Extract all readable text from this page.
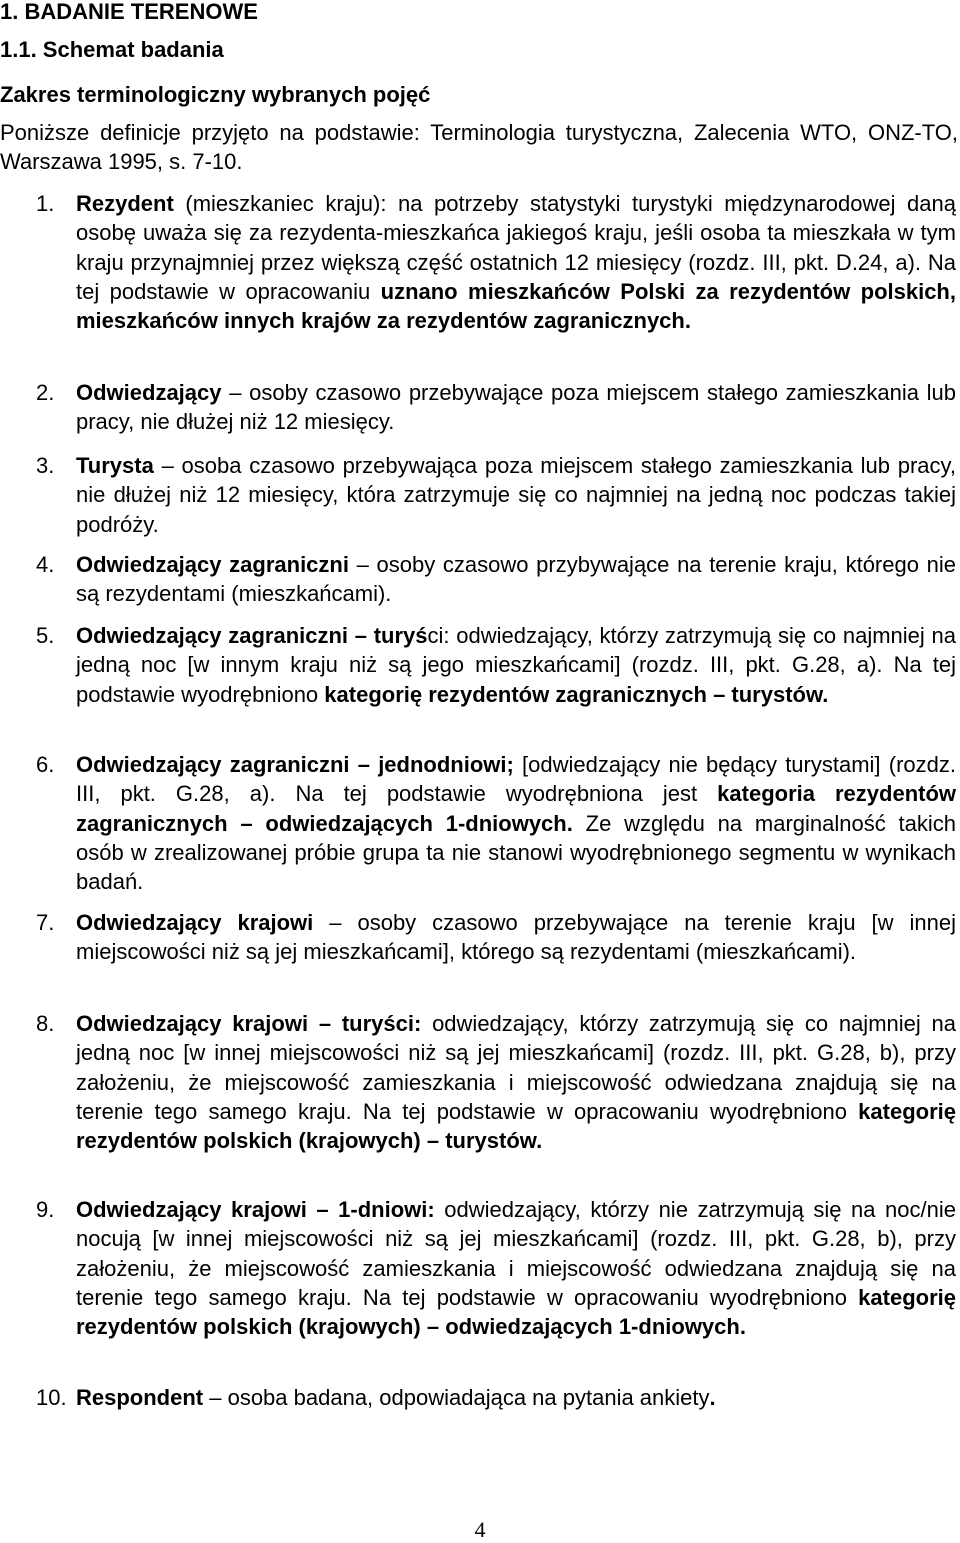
1. BADANIE TERENOWE

1.1. Schemat badania

Zakres terminologiczny wybranych pojęć

Poniższe definicje przyjęto na podstawie: Terminologia turystyczna, Zalecenia WTO, ONZ-TO, Warszawa 1995, s. 7-10.

1. Rezydent (mieszkaniec kraju): na potrzeby statystyki turystyki międzynarodowej daną osobę uważa się za rezydenta-mieszkańca jakiegoś kraju, jeśli osoba ta mieszkała w tym kraju przynajmniej przez większą część ostatnich 12 miesięcy (rozdz. III, pkt. D.24, a). Na tej podstawie w opracowaniu uznano mieszkańców Polski za rezydentów polskich, mieszkańców innych krajów za rezydentów zagranicznych.

2. Odwiedzający – osoby czasowo przebywające poza miejscem stałego zamieszkania lub pracy, nie dłużej niż 12 miesięcy.

3. Turysta – osoba czasowo przebywająca poza miejscem stałego zamieszkania lub pracy, nie dłużej niż 12 miesięcy, która zatrzymuje się co najmniej na jedną noc podczas takiej podróży.

4. Odwiedzający zagraniczni – osoby czasowo przybywające na terenie kraju, którego nie są rezydentami (mieszkańcami).

5. Odwiedzający zagraniczni – turyści: odwiedzający, którzy zatrzymują się co najmniej na jedną noc [w innym kraju niż są jego mieszkańcami] (rozdz. III, pkt. G.28, a). Na tej podstawie wyodrębniono kategorię rezydentów zagranicznych – turystów.

6. Odwiedzający zagraniczni – jednodniowi; [odwiedzający nie będący turystami] (rozdz. III, pkt. G.28, a). Na tej podstawie wyodrębniona jest kategoria rezydentów zagranicznych – odwiedzających 1-dniowych. Ze względu na marginalność takich osób w zrealizowanej próbie grupa ta nie stanowi wyodrębnionego segmentu w wynikach badań.

7. Odwiedzający krajowi – osoby czasowo przebywające na terenie kraju [w innej miejscowości niż są jej mieszkańcami], którego są rezydentami (mieszkańcami).

8. Odwiedzający krajowi – turyści: odwiedzający, którzy zatrzymują się co najmniej na jedną noc [w innej miejscowości niż są jej mieszkańcami] (rozdz. III, pkt. G.28, b), przy założeniu, że miejscowość zamieszkania i miejscowość odwiedzana znajdują się na terenie tego samego kraju. Na tej podstawie w opracowaniu wyodrębniono kategorię rezydentów polskich (krajowych) – turystów.

9. Odwiedzający krajowi – 1-dniowi: odwiedzający, którzy nie zatrzymują się na noc/nie nocują [w innej miejscowości niż są jej mieszkańcami] (rozdz. III, pkt. G.28, b), przy założeniu, że miejscowość zamieszkania i miejscowość odwiedzana znajdują się na terenie tego samego kraju. Na tej podstawie w opracowaniu wyodrębniono kategorię rezydentów polskich (krajowych) – odwiedzających 1-dniowych.

10. Respondent – osoba badana, odpowiadająca na pytania ankiety.

4
